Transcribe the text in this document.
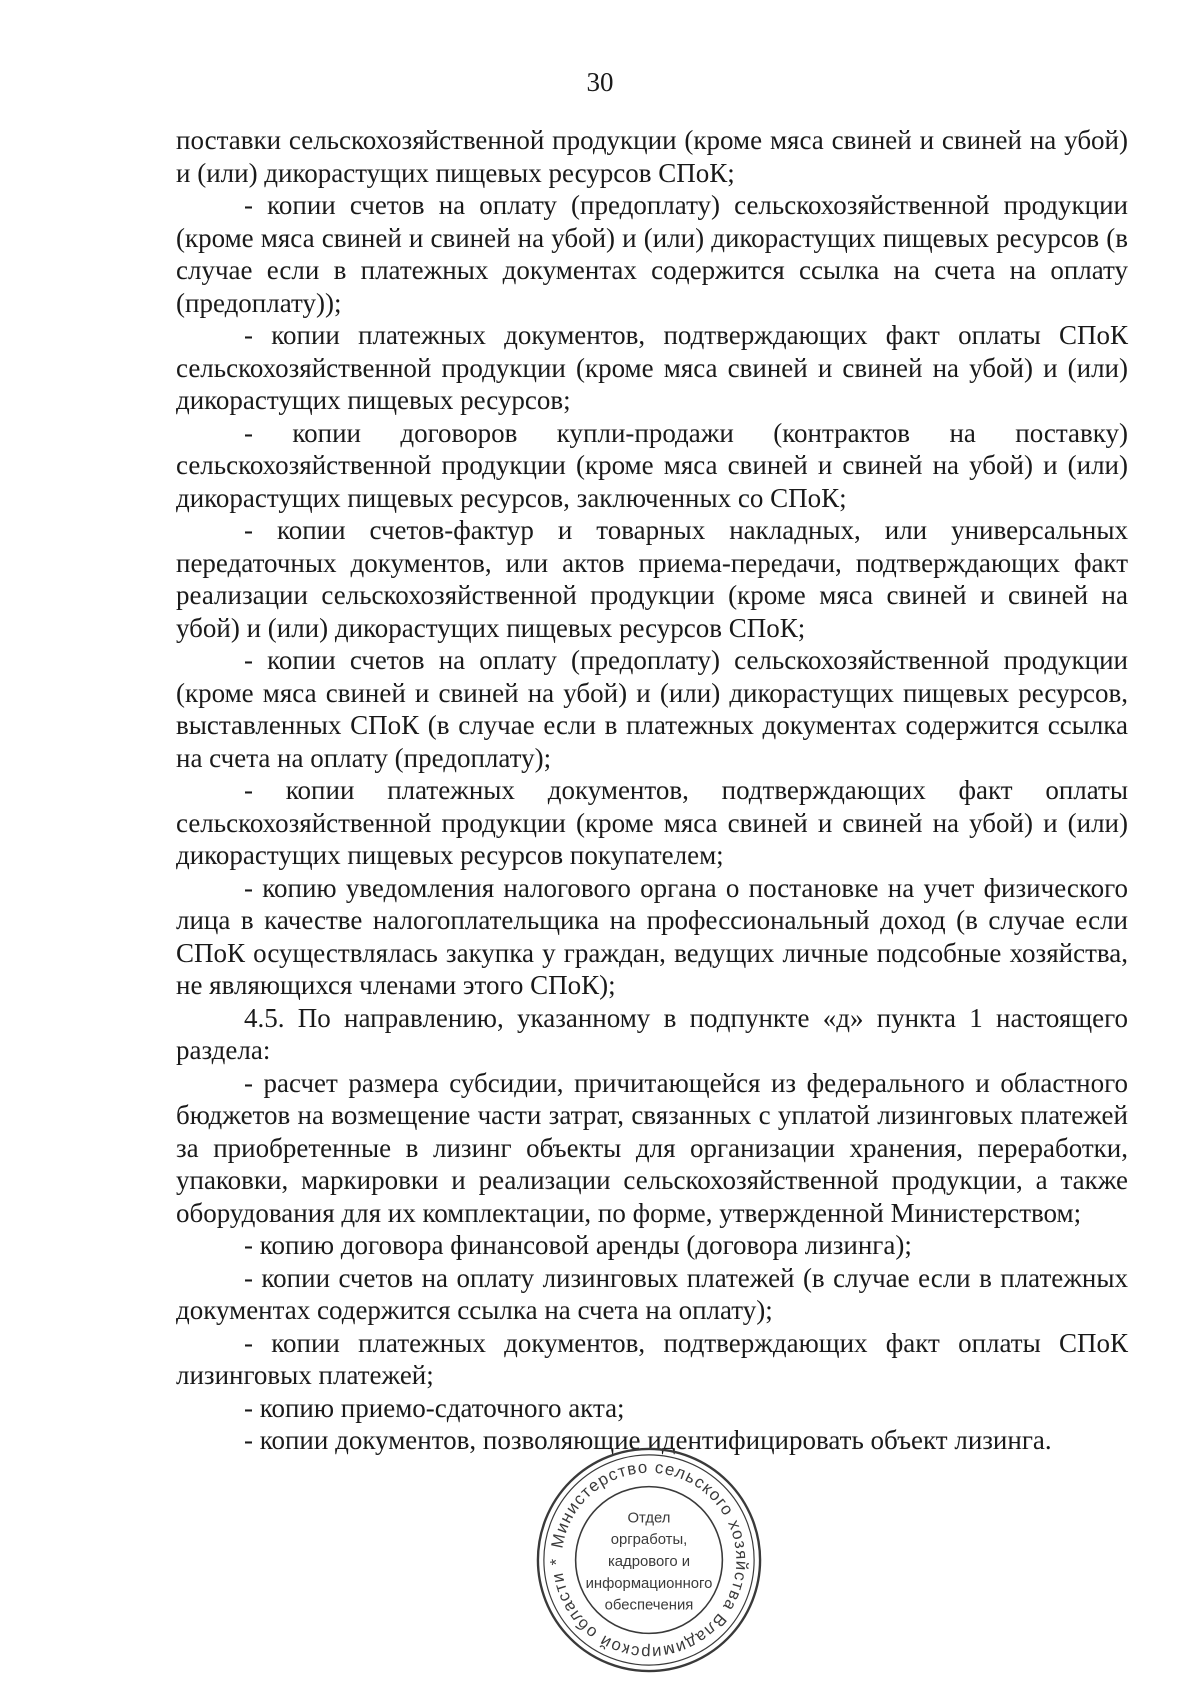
30

поставки сельскохозяйственной продукции (кроме мяса свиней и свиней на убой) и (или) дикорастущих пищевых ресурсов СПоК;

- копии счетов на оплату (предоплату) сельскохозяйственной продукции (кроме мяса свиней и свиней на убой) и (или) дикорастущих пищевых ресурсов (в случае если в платежных документах содержится ссылка на счета на оплату (предоплату));

- копии платежных документов, подтверждающих факт оплаты СПоК сельскохозяйственной продукции (кроме мяса свиней и свиней на убой) и (или) дикорастущих пищевых ресурсов;

- копии договоров купли-продажи (контрактов на поставку) сельскохозяйственной продукции (кроме мяса свиней и свиней на убой) и (или) дикорастущих пищевых ресурсов, заключенных со СПоК;

- копии счетов-фактур и товарных накладных, или универсальных передаточных документов, или актов приема-передачи, подтверждающих факт реализации сельскохозяйственной продукции (кроме мяса свиней и свиней на убой) и (или) дикорастущих пищевых ресурсов СПоК;

- копии счетов на оплату (предоплату) сельскохозяйственной продукции (кроме мяса свиней и свиней на убой) и (или) дикорастущих пищевых ресурсов, выставленных СПоК (в случае если в платежных документах содержится ссылка на счета на оплату (предоплату);

- копии платежных документов, подтверждающих факт оплаты сельскохозяйственной продукции (кроме мяса свиней и свиней на убой) и (или) дикорастущих пищевых ресурсов покупателем;

- копию уведомления налогового органа о постановке на учет физического лица в качестве налогоплательщика на профессиональный доход (в случае если СПоК осуществлялась закупка у граждан, ведущих личные подсобные хозяйства, не являющихся членами этого СПоК);

4.5. По направлению, указанному в подпункте «д» пункта 1 настоящего раздела:

- расчет размера субсидии, причитающейся из федерального и областного бюджетов на возмещение части затрат, связанных с уплатой лизинговых платежей за приобретенные в лизинг объекты для организации хранения, переработки, упаковки, маркировки и реализации сельскохозяйственной продукции, а также оборудования для их комплектации, по форме, утвержденной Министерством;

- копию договора финансовой аренды (договора лизинга);

- копии счетов на оплату лизинговых платежей (в случае если в платежных документах содержится ссылка на счета на оплату);

- копии платежных документов, подтверждающих факт оплаты СПоК лизинговых платежей;

- копию приемо-сдаточного акта;

- копии документов, позволяющие идентифицировать объект лизинга.

Министерство сельского хозяйства Владимирской области *
Отдел
оргработы,
кадрового и
информационного
обеспечения
